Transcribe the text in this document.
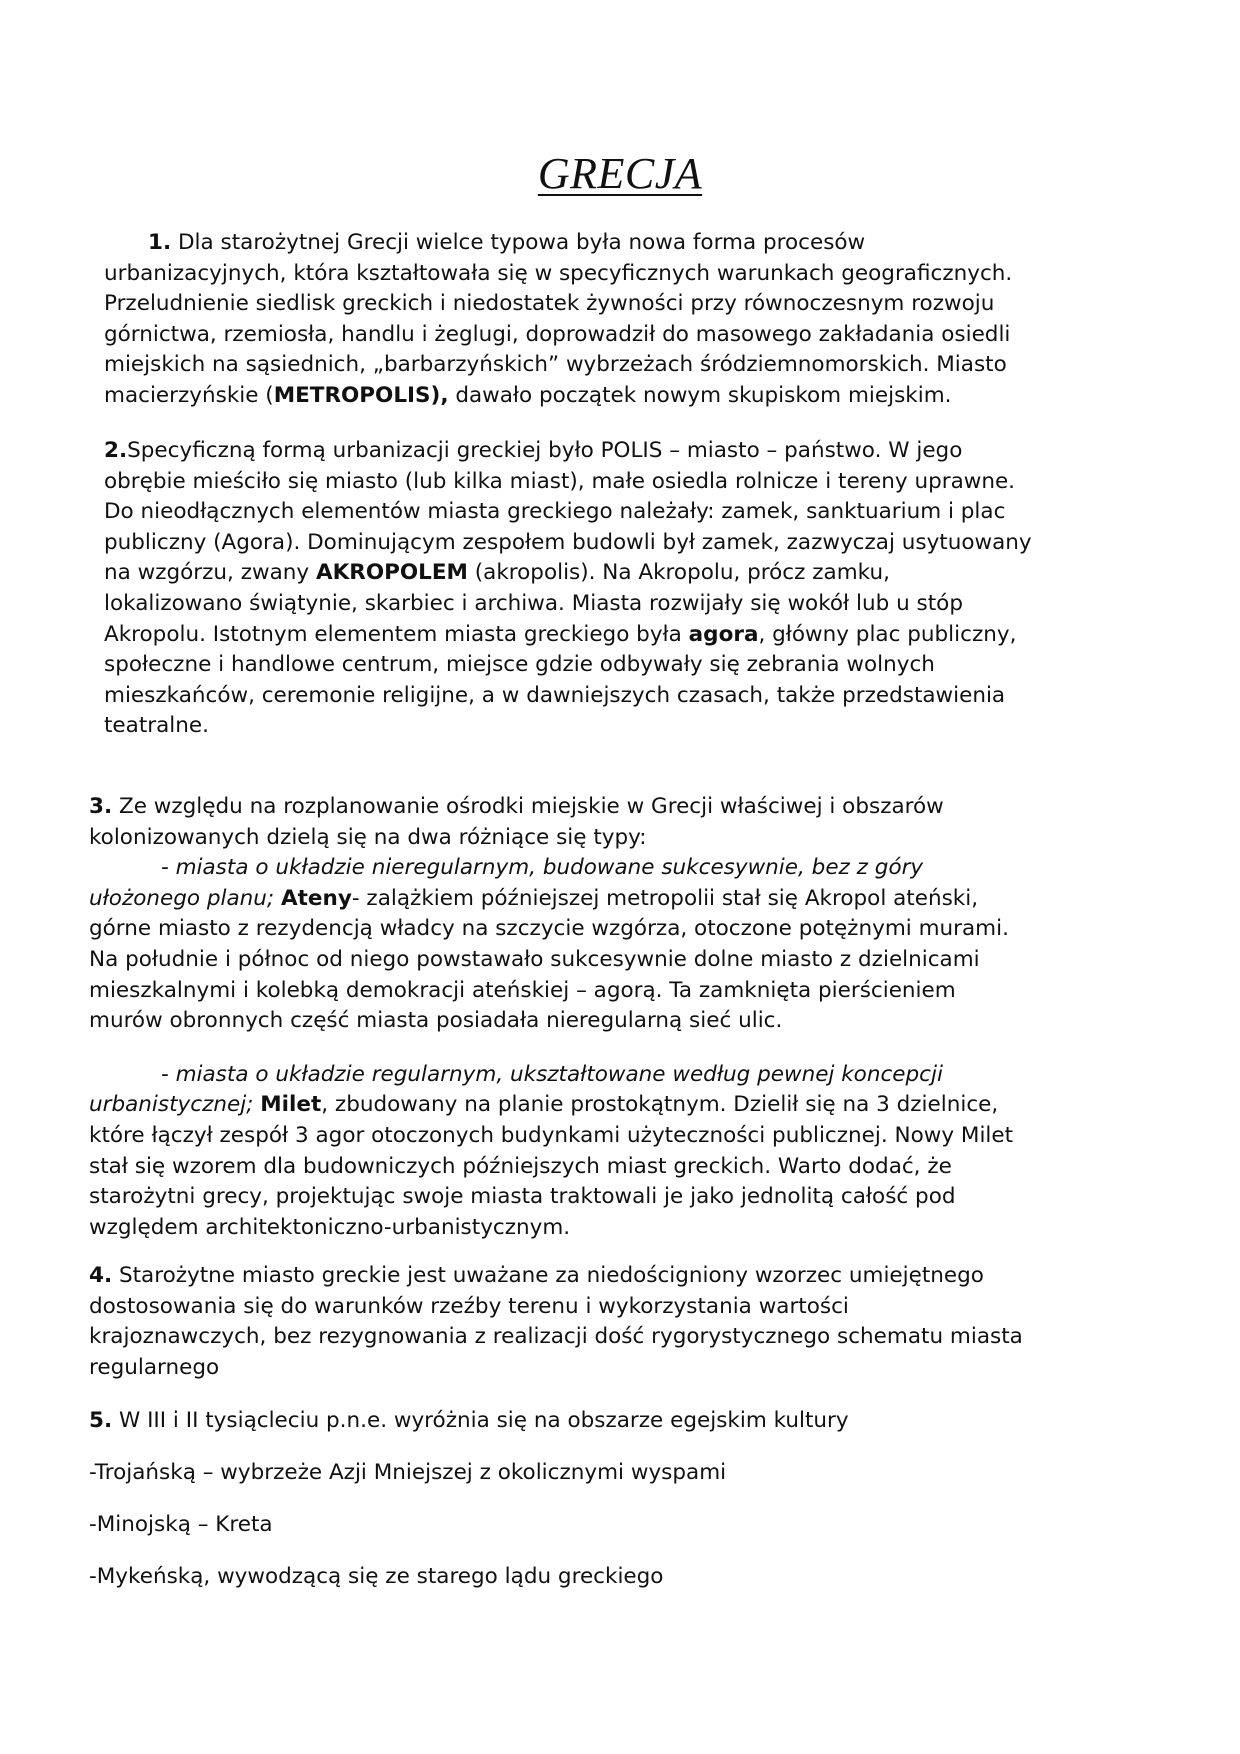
GRECJA
1. Dla starożytnej Grecji wielce typowa była nowa forma procesów
urbanizacyjnych, która kształtowała się w specyficznych warunkach geograficznych.
Przeludnienie siedlisk greckich i niedostatek żywności przy równoczesnym rozwoju
górnictwa, rzemiosła, handlu i żeglugi, doprowadził do masowego zakładania osiedli
miejskich na sąsiednich, „barbarzyńskich” wybrzeżach śródziemnomorskich. Miasto
macierzyńskie (METROPOLIS), dawało początek nowym skupiskom miejskim.
2.Specyficzną formą urbanizacji greckiej było POLIS – miasto – państwo. W jego
obrębie mieściło się miasto (lub kilka miast), małe osiedla rolnicze i tereny uprawne.
Do nieodłącznych elementów miasta greckiego należały: zamek, sanktuarium i plac
publiczny (Agora). Dominującym zespołem budowli był zamek, zazwyczaj usytuowany
na wzgórzu, zwany AKROPOLEM (akropolis). Na Akropolu, prócz zamku,
lokalizowano świątynie, skarbiec i archiwa. Miasta rozwijały się wokół lub u stóp
Akropolu. Istotnym elementem miasta greckiego była agora, główny plac publiczny,
społeczne i handlowe centrum, miejsce gdzie odbywały się zebrania wolnych
mieszkańców, ceremonie religijne, a w dawniejszych czasach, także przedstawienia
teatralne.
3. Ze względu na rozplanowanie ośrodki miejskie w Grecji właściwej i obszarów
kolonizowanych dzielą się na dwa różniące się typy:
- miasta o układzie nieregularnym, budowane sukcesywnie, bez z góry
ułożonego planu; Ateny- zalążkiem późniejszej metropolii stał się Akropol ateński,
górne miasto z rezydencją władcy na szczycie wzgórza, otoczone potężnymi murami.
Na południe i północ od niego powstawało sukcesywnie dolne miasto z dzielnicami
mieszkalnymi i kolebką demokracji ateńskiej – agorą. Ta zamknięta pierścieniem
murów obronnych część miasta posiadała nieregularną sieć ulic.
- miasta o układzie regularnym, ukształtowane według pewnej koncepcji
urbanistycznej; Milet, zbudowany na planie prostokątnym. Dzielił się na 3 dzielnice,
które łączył zespół 3 agor otoczonych budynkami użyteczności publicznej. Nowy Milet
stał się wzorem dla budowniczych późniejszych miast greckich. Warto dodać, że
starożytni grecy, projektując swoje miasta traktowali je jako jednolitą całość pod
względem architektoniczno-urbanistycznym.
4. Starożytne miasto greckie jest uważane za niedościgniony wzorzec umiejętnego
dostosowania się do warunków rzeźby terenu i wykorzystania wartości
krajoznawczych, bez rezygnowania z realizacji dość rygorystycznego schematu miasta
regularnego

5. W III i II tysiącleciu p.n.e. wyróżnia się na obszarze egejskim kultury

-Trojańską – wybrzeże Azji Mniejszej z okolicznymi wyspami

-Minojską – Kreta

-Mykeńską, wywodzącą się ze starego lądu greckiego
